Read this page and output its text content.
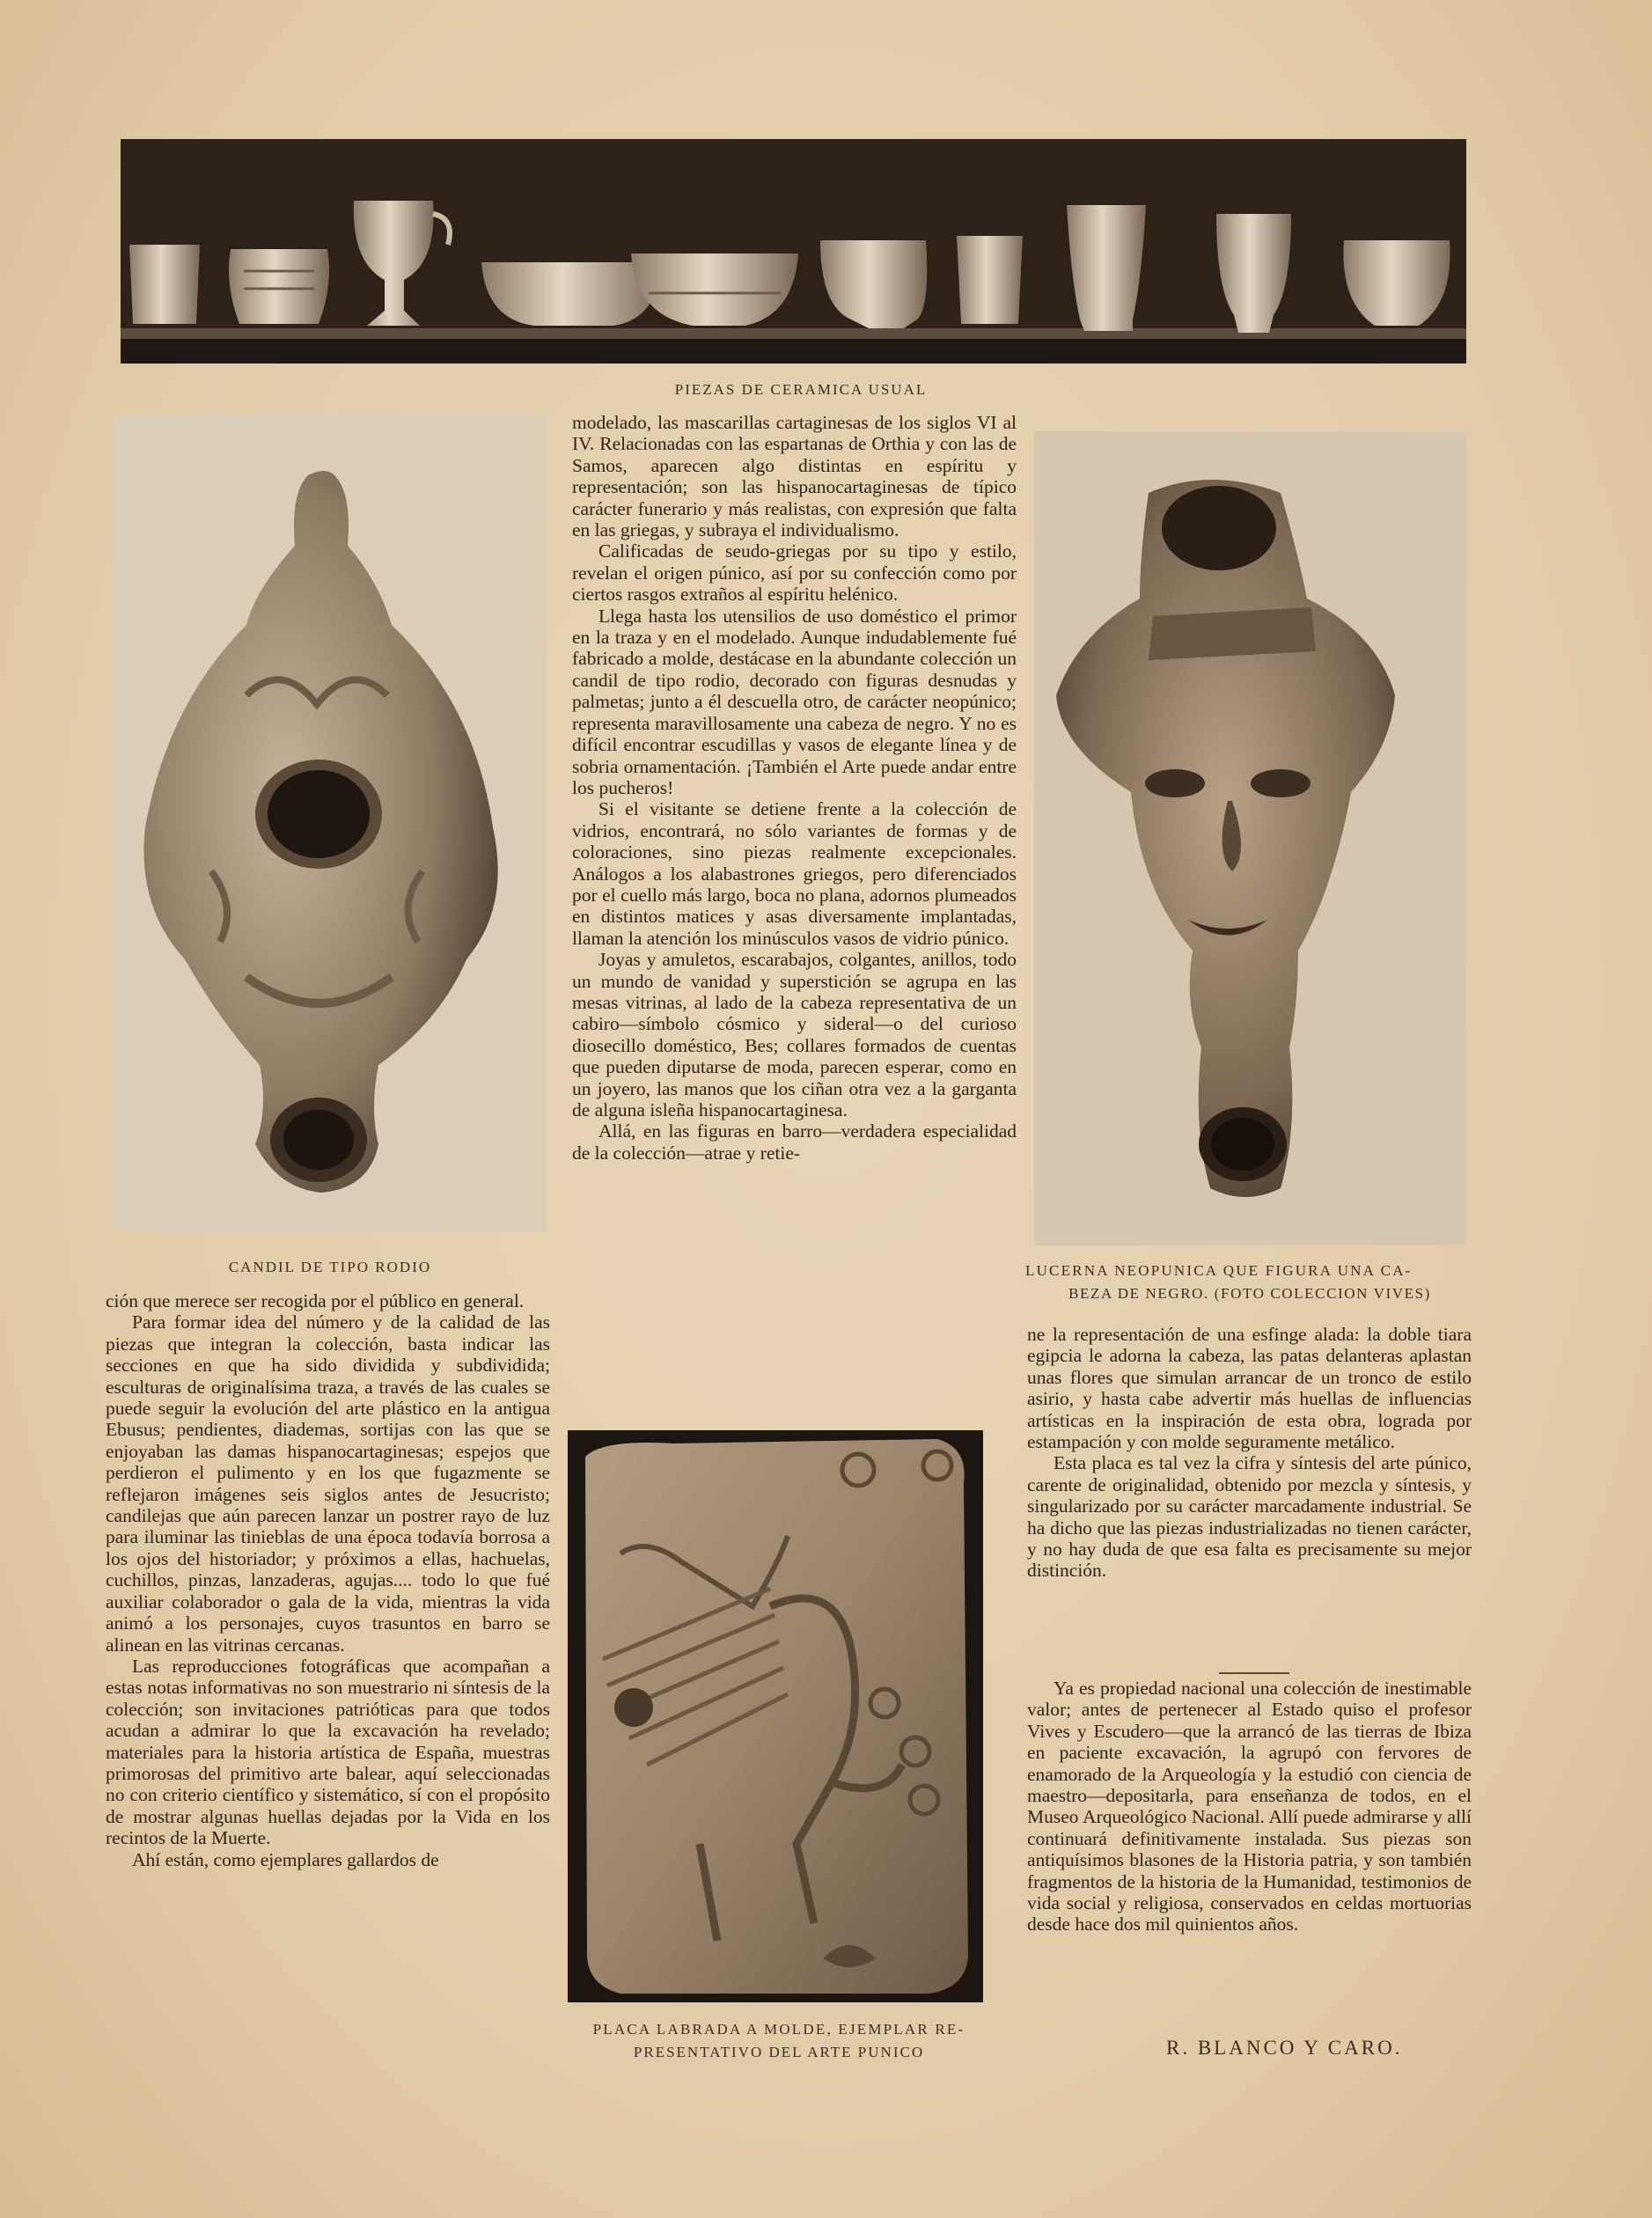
PIEZAS DE CERAMICA USUAL
CANDIL DE TIPO RODIO	LUCERNA NEOPUNICA QUE FIGURA UNA CA-
BEZA DE NEGRO. (FOTO COLECCION VIVES)
PLACA LABRADA A MOLDE, EJEMPLAR RE-
PRESENTATIVO DEL ARTE PUNICO

modelado, las mascarillas cartaginesas de los siglos VI al IV. Relacionadas con las espartanas de Orthia y con las de Samos, aparecen algo distintas en espíritu y representación; son las hispanocartaginesas de típico carácter funerario y más realistas, con expresión que falta en las griegas, y subraya el individualismo.

Calificadas de seudo-griegas por su tipo y estilo, revelan el origen púnico, así por su confección como por ciertos rasgos extraños al espíritu helénico.

Llega hasta los utensilios de uso doméstico el primor en la traza y en el modelado. Aunque indudablemente fué fabricado a molde, destácase en la abundante colección un candil de tipo rodio, decorado con figuras desnudas y palmetas; junto a él descuella otro, de carácter neopúnico; representa maravillosamente una cabeza de negro. Y no es difícil encontrar escudillas y vasos de elegante línea y de sobria ornamentación. ¡También el Arte puede andar entre los pucheros!

Si el visitante se detiene frente a la colección de vidrios, encontrará, no sólo variantes de formas y de coloraciones, sino piezas realmente excepcionales. Análogos a los alabastrones griegos, pero diferenciados por el cuello más largo, boca no plana, adornos plumeados en distintos matices y asas diversamente implantadas, llaman la atención los minúsculos vasos de vidrio púnico.

Joyas y amuletos, escarabajos, colgantes, anillos, todo un mundo de vanidad y superstición se agrupa en las mesas vitrinas, al lado de la cabeza representativa de un cabiro—símbolo cósmico y sideral—o del curioso diosecillo doméstico, Bes; collares formados de cuentas que pueden diputarse de moda, parecen esperar, como en un joyero, las manos que los ciñan otra vez a la garganta de alguna isleña hispanocartaginesa.

Allá, en las figuras en barro—verdadera especialidad de la colección—atrae y retie-

ción que merece ser recogida por el público en general.

Para formar idea del número y de la calidad de las piezas que integran la colección, basta indicar las secciones en que ha sido dividida y subdividida; esculturas de originalísima traza, a través de las cuales se puede seguir la evolución del arte plástico en la antigua Ebusus; pendientes, diademas, sortijas con las que se enjoyaban las damas hispanocartaginesas; espejos que perdieron el pulimento y en los que fugazmente se reflejaron imágenes seis siglos antes de Jesucristo; candilejas que aún parecen lanzar un postrer rayo de luz para iluminar las tinieblas de una época todavía borrosa a los ojos del historiador; y próximos a ellas, hachuelas, cuchillos, pinzas, lanzaderas, agujas.... todo lo que fué auxiliar colaborador o gala de la vida, mientras la vida animó a los personajes, cuyos trasuntos en barro se alinean en las vitrinas cercanas.

Las reproducciones fotográficas que acompañan a estas notas informativas no son muestrario ni síntesis de la colección; son invitaciones patrióticas para que todos acudan a admirar lo que la excavación ha revelado; materiales para la historia artística de España, muestras primorosas del primitivo arte balear, aquí seleccionadas no con criterio científico y sistemático, sí con el propósito de mostrar algunas huellas dejadas por la Vida en los recintos de la Muerte.

Ahí están, como ejemplares gallardos de

ne la representación de una esfinge alada: la doble tiara egipcia le adorna la cabeza, las patas delanteras aplastan unas flores que simulan arrancar de un tronco de estilo asirio, y hasta cabe advertir más huellas de influencias artísticas en la inspiración de esta obra, lograda por estampación y con molde seguramente metálico.

Esta placa es tal vez la cifra y síntesis del arte púnico, carente de originalidad, obtenido por mezcla y síntesis, y singularizado por su carácter marcadamente industrial. Se ha dicho que las piezas industrializadas no tienen carácter, y no hay duda de que esa falta es precisamente su mejor distinción.

Ya es propiedad nacional una colección de inestimable valor; antes de pertenecer al Estado quiso el profesor Vives y Escudero—que la arrancó de las tierras de Ibiza en paciente excavación, la agrupó con fervores de enamorado de la Arqueología y la estudió con ciencia de maestro—depositarla, para enseñanza de todos, en el Museo Arqueológico Nacional. Allí puede admirarse y allí continuará definitivamente instalada. Sus piezas son antiquísimos blasones de la Historia patria, y son también fragmentos de la historia de la Humanidad, testimonios de vida social y religiosa, conservados en celdas mortuorias desde hace dos mil quinientos años.

R. BLANCO Y CARO.
